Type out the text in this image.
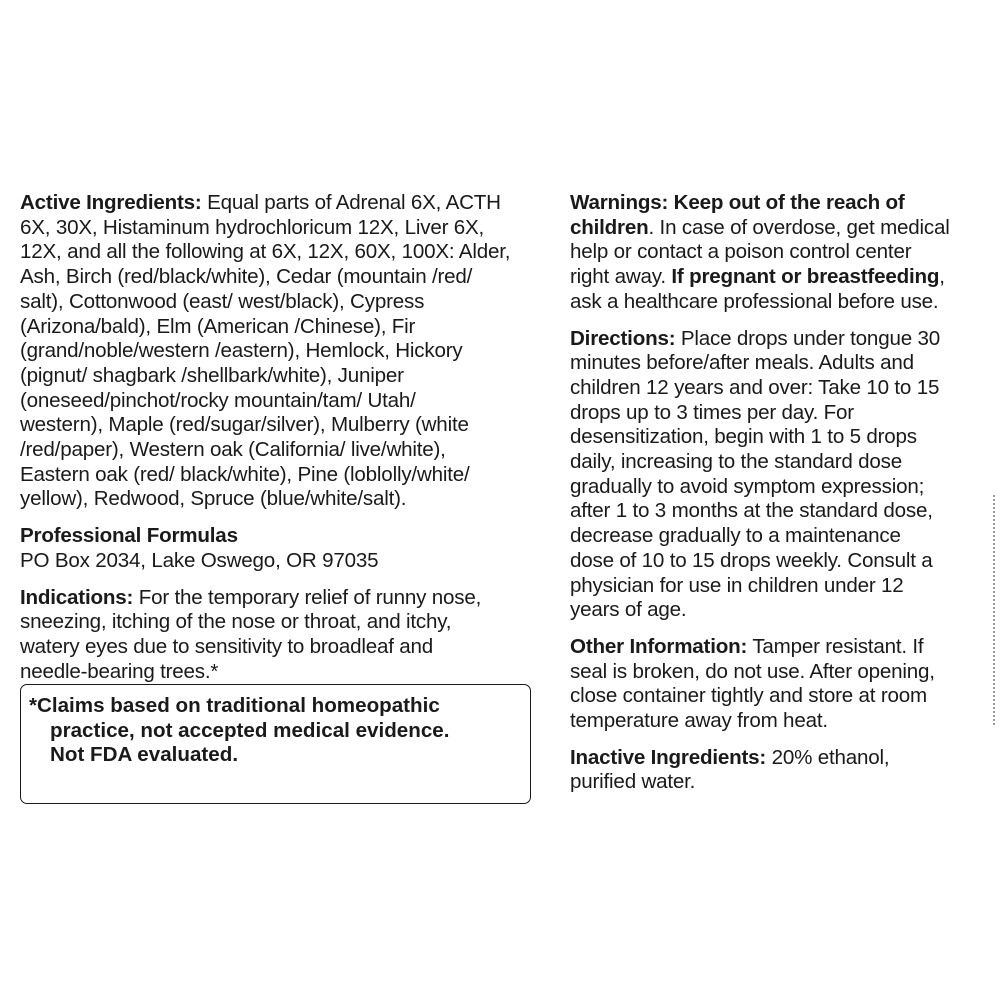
Active Ingredients: Equal parts of Adrenal 6X, ACTH
6X, 30X, Histaminum hydrochloricum 12X, Liver 6X,
12X, and all the following at 6X, 12X, 60X, 100X: Alder,
Ash, Birch (red/black/white), Cedar (mountain /red/
salt), Cottonwood (east/ west/black), Cypress
(Arizona/bald), Elm (American /Chinese), Fir
(grand/noble/western /eastern), Hemlock, Hickory
(pignut/ shagbark /shellbark/white), Juniper
(oneseed/pinchot/rocky mountain/tam/ Utah/
western), Maple (red/sugar/silver), Mulberry (white
/red/paper), Western oak (California/ live/white),
Eastern oak (red/ black/white), Pine (loblolly/white/
yellow), Redwood, Spruce (blue/white/salt).

Professional Formulas
PO Box 2034, Lake Oswego, OR 97035

Indications: For the temporary relief of runny nose,
sneezing, itching of the nose or throat, and itchy,
watery eyes due to sensitivity to broadleaf and
needle-bearing trees.*

*Claims based on traditional homeopathic
practice, not accepted medical evidence.
Not FDA evaluated.

Warnings: Keep out of the reach of
children. In case of overdose, get medical
help or contact a poison control center
right away. If pregnant or breastfeeding,
ask a healthcare professional before use.

Directions: Place drops under tongue 30
minutes before/after meals. Adults and
children 12 years and over: Take 10 to 15
drops up to 3 times per day. For
desensitization, begin with 1 to 5 drops
daily, increasing to the standard dose
gradually to avoid symptom expression;
after 1 to 3 months at the standard dose,
decrease gradually to a maintenance
dose of 10 to 15 drops weekly. Consult a
physician for use in children under 12
years of age.

Other Information: Tamper resistant. If
seal is broken, do not use. After opening,
close container tightly and store at room
temperature away from heat.

Inactive Ingredients: 20% ethanol,
purified water.
